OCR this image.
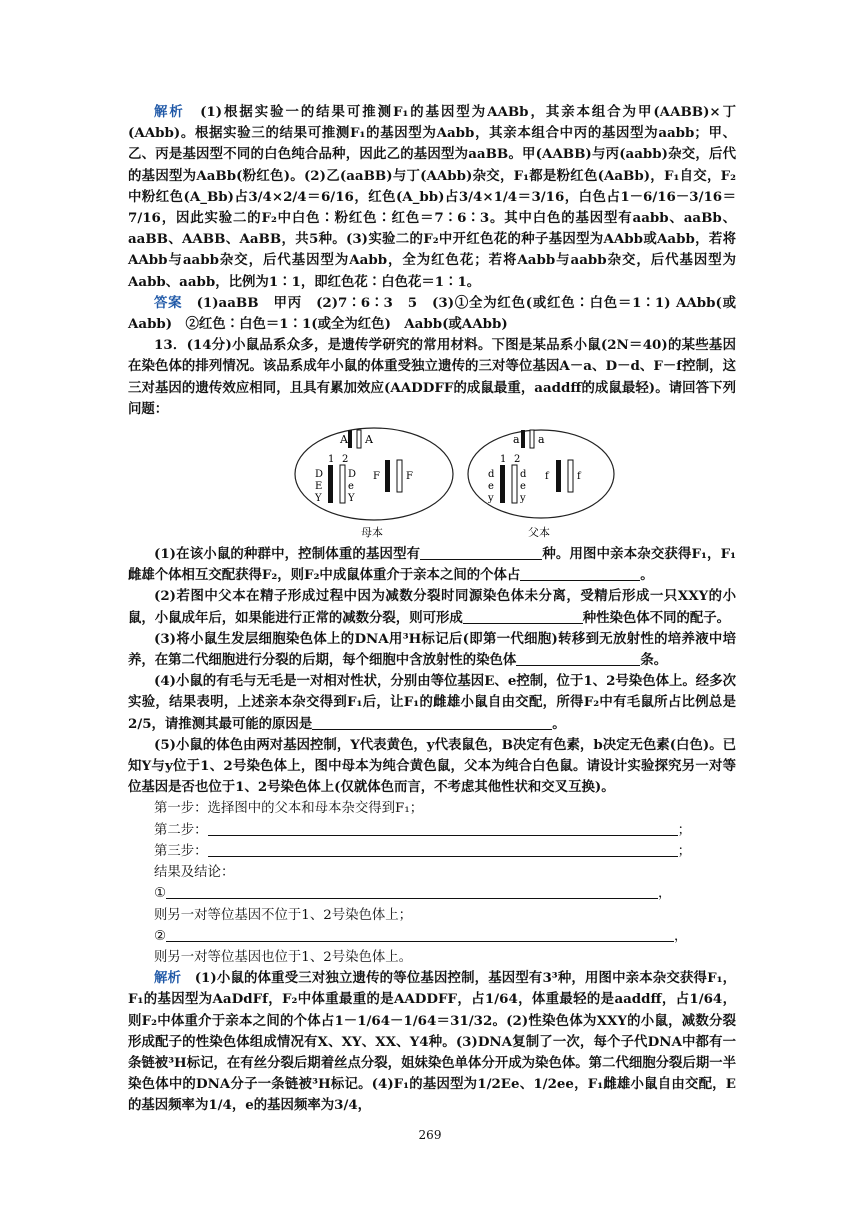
解析　 (1)根据实验一的结果可推测F₁的基因型为AABb，其亲本组合为甲(AABB)×丁(AAbb)。根据实验三的结果可推测F₁的基因型为Aabb，其亲本组合中丙的基因型为aabb；甲、乙、丙是基因型不同的白色纯合品种，因此乙的基因型为aaBB。甲(AABB)与丙(aabb)杂交，后代的基因型为AaBb(粉红色)。(2)乙(aaBB)与丁(AAbb)杂交，F₁都是粉红色(AaBb)，F₁自交，F₂中粉红色(A_Bb)占3/4×2/4＝6/16，红色(A_bb)占3/4×1/4＝3/16，白色占1－6/16－3/16＝7/16，因此实验二的F₂中白色∶粉红色∶红色＝7∶6∶3。其中白色的基因型有aabb、aaBb、aaBB、AABB、AaBB，共5种。(3)实验二的F₂中开红色花的种子基因型为AAbb或Aabb，若将AAbb与aabb杂交，后代基因型为Aabb，全为红色花；若将Aabb与aabb杂交，后代基因型为Aabb、aabb，比例为1∶1，即红色花∶白色花＝1∶1。

答案　 (1)aaBB　甲丙　(2)7∶6∶3　5　(3)①全为红色(或红色∶白色＝1∶1) AAbb(或Aabb)　②红色∶白色＝1∶1(或全为红色)　Aabb(或AAbb)

13．(14分)小鼠品系众多，是遗传学研究的常用材料。下图是某品系小鼠(2N＝40)的某些基因在染色体的排列情况。该品系成年小鼠的体重受独立遗传的三对等位基因A－a、D－d、F－f控制，这三对基因的遗传效应相同，且具有累加效应(AADDFF的成鼠最重，aaddff的成鼠最轻)。请回答下列问题：

A A
1 2
D
E
Y
D
e
Y
F	F
母本
a a
1 2
d
e
y
d
e
y
f	f
父本

(1)在该小鼠的种群中，控制体重的基因型有	种。用图中亲本杂交获得F₁，F₁雌雄个体相互交配获得F₂，则F₂中成鼠体重介于亲本之间的个体占	。

(2)若图中父本在精子形成过程中因为减数分裂时同源染色体未分离，受精后形成一只XXY的小鼠，小鼠成年后，如果能进行正常的减数分裂，则可形成	种性染色体不同的配子。

(3)将小鼠生发层细胞染色体上的DNA用³H标记后(即第一代细胞)转移到无放射性的培养液中培养，在第二代细胞进行分裂的后期，每个细胞中含放射性的染色体	条。

(4)小鼠的有毛与无毛是一对相对性状，分别由等位基因E、e控制，位于1、2号染色体上。经多次实验，结果表明，上述亲本杂交得到F₁后，让F₁的雌雄小鼠自由交配，所得F₂中有毛鼠所占比例总是2/5，请推测其最可能的原因是	。

(5)小鼠的体色由两对基因控制，Y代表黄色，y代表鼠色，B决定有色素，b决定无色素(白色)。已知Y与y位于1、2号染色体上，图中母本为纯合黄色鼠，父本为纯合白色鼠。请设计实验探究另一对等位基因是否也位于1、2号染色体上(仅就体色而言，不考虑其他性状和交叉互换)。

第一步：选择图中的父本和母本杂交得到F₁；

第二步：	；

第三步：	；

结果及结论：

①	，

则另一对等位基因不位于1、2号染色体上；

②	，

则另一对等位基因也位于1、2号染色体上。

解析　 (1)小鼠的体重受三对独立遗传的等位基因控制，基因型有3³种，用图中亲本杂交获得F₁，F₁的基因型为AaDdFf，F₂中体重最重的是AADDFF，占1/64，体重最轻的是aaddff，占1/64，则F₂中体重介于亲本之间的个体占1－1/64－1/64＝31/32。(2)性染色体为XXY的小鼠，减数分裂形成配子的性染色体组成情况有X、XY、XX、Y4种。(3)DNA复制了一次，每个子代DNA中都有一条链被³H标记，在有丝分裂后期着丝点分裂，姐妹染色单体分开成为染色体。第二代细胞分裂后期一半染色体中的DNA分子一条链被³H标记。(4)F₁的基因型为1/2Ee、1/2ee，F₁雌雄小鼠自由交配，E的基因频率为1/4，e的基因频率为3/4，

269
